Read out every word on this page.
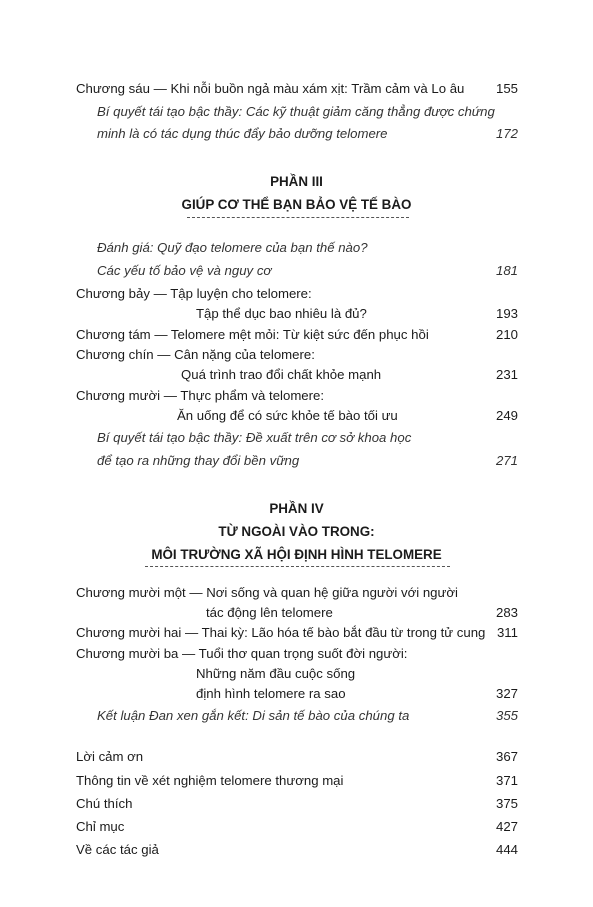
Chương sáu — Khi nỗi buồn ngả màu xám xịt: Trầm cảm và Lo âu 155
Bí quyết tái tạo bậc thầy: Các kỹ thuật giảm căng thẳng được chứng
minh là có tác dụng thúc đẩy bảo dưỡng telomere	172
PHẦN III
GIÚP CƠ THỂ BẠN BẢO VỆ TẾ BÀO
Đánh giá: Quỹ đạo telomere của bạn thế nào?
Các yếu tố bảo vệ và nguy cơ	181
Chương bảy — Tập luyện cho telomere:
Tập thể dục bao nhiêu là đủ?	193
Chương tám — Telomere mệt mỏi: Từ kiệt sức đến phục hồi	210
Chương chín — Cân nặng của telomere:
Quá trình trao đổi chất khỏe mạnh	231
Chương mười — Thực phẩm và telomere:
Ăn uống để có sức khỏe tế bào tối ưu	249
Bí quyết tái tạo bậc thầy: Đề xuất trên cơ sở khoa học
để tạo ra những thay đổi bền vững	271
PHẦN IV
TỪ NGOÀI VÀO TRONG:
MÔI TRƯỜNG XÃ HỘI ĐỊNH HÌNH TELOMERE
Chương mười một — Nơi sống và quan hệ giữa người với người
tác động lên telomere	283
Chương mười hai — Thai kỳ: Lão hóa tế bào bắt đầu từ trong tử cung 311
Chương mười ba — Tuổi thơ quan trọng suốt đời người:
Những năm đầu cuộc sống
định hình telomere ra sao	327
Kết luận Đan xen gắn kết: Di sản tế bào của chúng ta	355
Lời cảm ơn	367
Thông tin về xét nghiệm telomere thương mại	371
Chú thích	375
Chỉ mục	427
Về các tác giả	444
